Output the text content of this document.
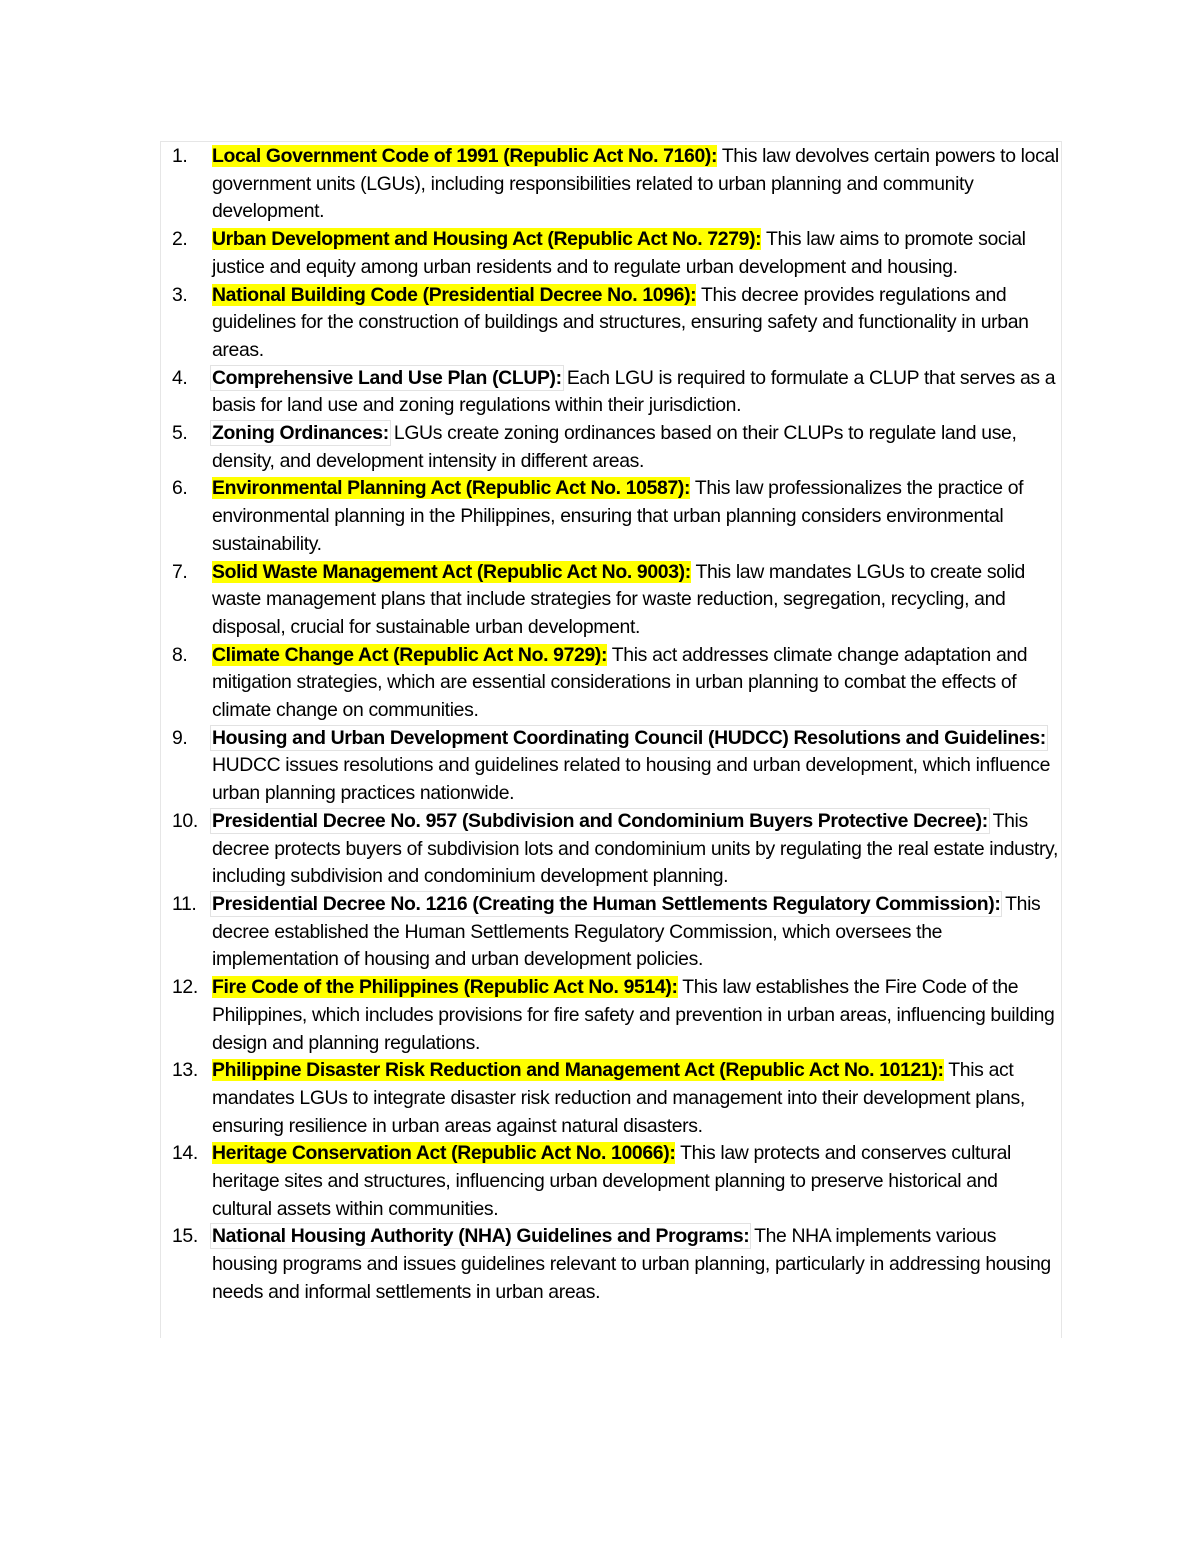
1.	Local Government Code of 1991 (Republic Act No. 7160): This law devolves certain powers to local government units (LGUs), including responsibilities related to urban planning and community development.
2.	Urban Development and Housing Act (Republic Act No. 7279): This law aims to promote social justice and equity among urban residents and to regulate urban development and housing.
3.	National Building Code (Presidential Decree No. 1096): This decree provides regulations and guidelines for the construction of buildings and structures, ensuring safety and functionality in urban areas.
4.	Comprehensive Land Use Plan (CLUP): Each LGU is required to formulate a CLUP that serves as a basis for land use and zoning regulations within their jurisdiction.
5.	Zoning Ordinances: LGUs create zoning ordinances based on their CLUPs to regulate land use, density, and development intensity in different areas.
6.	Environmental Planning Act (Republic Act No. 10587): This law professionalizes the practice of environmental planning in the Philippines, ensuring that urban planning considers environmental sustainability.
7.	Solid Waste Management Act (Republic Act No. 9003): This law mandates LGUs to create solid waste management plans that include strategies for waste reduction, segregation, recycling, and disposal, crucial for sustainable urban development.
8.	Climate Change Act (Republic Act No. 9729): This act addresses climate change adaptation and mitigation strategies, which are essential considerations in urban planning to combat the effects of climate change on communities.
9.	Housing and Urban Development Coordinating Council (HUDCC) Resolutions and Guidelines: HUDCC issues resolutions and guidelines related to housing and urban development, which influence urban planning practices nationwide.
10. Presidential Decree No. 957 (Subdivision and Condominium Buyers Protective Decree): This decree protects buyers of subdivision lots and condominium units by regulating the real estate industry, including subdivision and condominium development planning.
11. Presidential Decree No. 1216 (Creating the Human Settlements Regulatory Commission): This decree established the Human Settlements Regulatory Commission, which oversees the implementation of housing and urban development policies.
12. Fire Code of the Philippines (Republic Act No. 9514): This law establishes the Fire Code of the Philippines, which includes provisions for fire safety and prevention in urban areas, influencing building design and planning regulations.
13. Philippine Disaster Risk Reduction and Management Act (Republic Act No. 10121): This act mandates LGUs to integrate disaster risk reduction and management into their development plans, ensuring resilience in urban areas against natural disasters.
14. Heritage Conservation Act (Republic Act No. 10066): This law protects and conserves cultural heritage sites and structures, influencing urban development planning to preserve historical and cultural assets within communities.
15. National Housing Authority (NHA) Guidelines and Programs: The NHA implements various housing programs and issues guidelines relevant to urban planning, particularly in addressing housing needs and informal settlements in urban areas.
